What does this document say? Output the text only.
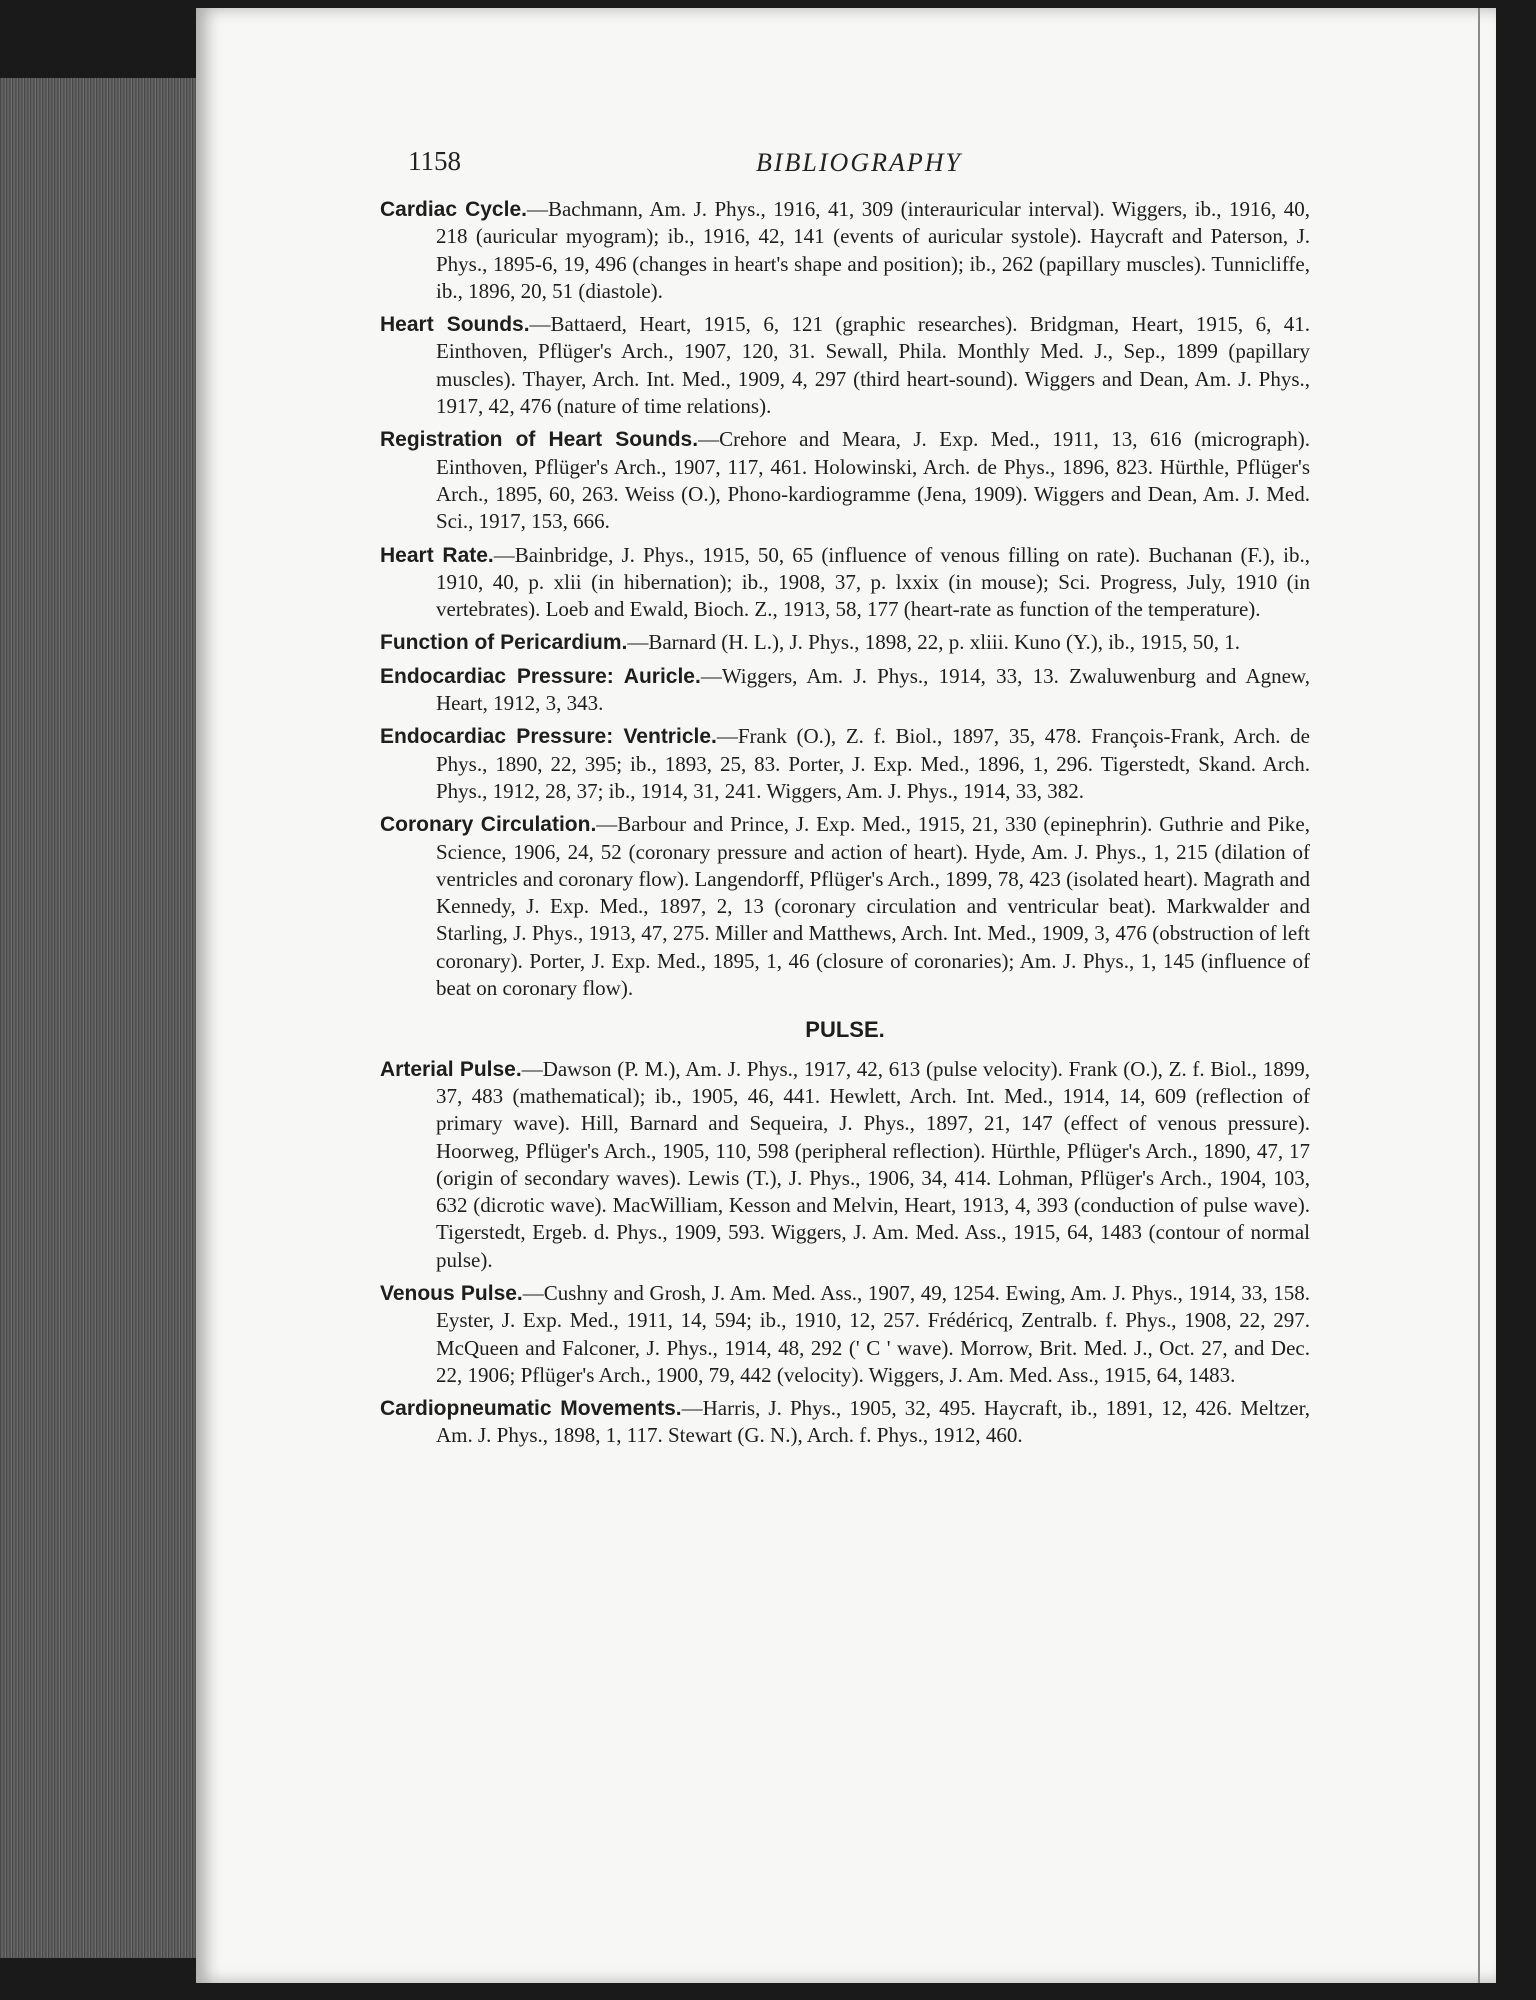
1158	BIBLIOGRAPHY

Cardiac Cycle.—Bachmann, Am. J. Phys., 1916, 41, 309 (interauricular interval). Wiggers, ib., 1916, 40, 218 (auricular myogram); ib., 1916, 42, 141 (events of auricular systole). Haycraft and Paterson, J. Phys., 1895-6, 19, 496 (changes in heart's shape and position); ib., 262 (papillary muscles). Tunnicliffe, ib., 1896, 20, 51 (diastole).

Heart Sounds.—Battaerd, Heart, 1915, 6, 121 (graphic researches). Bridgman, Heart, 1915, 6, 41. Einthoven, Pflüger's Arch., 1907, 120, 31. Sewall, Phila. Monthly Med. J., Sep., 1899 (papillary muscles). Thayer, Arch. Int. Med., 1909, 4, 297 (third heart-sound). Wiggers and Dean, Am. J. Phys., 1917, 42, 476 (nature of time relations).

Registration of Heart Sounds.—Crehore and Meara, J. Exp. Med., 1911, 13, 616 (micrograph). Einthoven, Pflüger's Arch., 1907, 117, 461. Holowinski, Arch. de Phys., 1896, 823. Hürthle, Pflüger's Arch., 1895, 60, 263. Weiss (O.), Phono-kardiogramme (Jena, 1909). Wiggers and Dean, Am. J. Med. Sci., 1917, 153, 666.

Heart Rate.—Bainbridge, J. Phys., 1915, 50, 65 (influence of venous filling on rate). Buchanan (F.), ib., 1910, 40, p. xlii (in hibernation); ib., 1908, 37, p. lxxix (in mouse); Sci. Progress, July, 1910 (in vertebrates). Loeb and Ewald, Bioch. Z., 1913, 58, 177 (heart-rate as function of the temperature).

Function of Pericardium.—Barnard (H. L.), J. Phys., 1898, 22, p. xliii. Kuno (Y.), ib., 1915, 50, 1.

Endocardiac Pressure: Auricle.—Wiggers, Am. J. Phys., 1914, 33, 13. Zwaluwenburg and Agnew, Heart, 1912, 3, 343.

Endocardiac Pressure: Ventricle.—Frank (O.), Z. f. Biol., 1897, 35, 478. François-Frank, Arch. de Phys., 1890, 22, 395; ib., 1893, 25, 83. Porter, J. Exp. Med., 1896, 1, 296. Tigerstedt, Skand. Arch. Phys., 1912, 28, 37; ib., 1914, 31, 241. Wiggers, Am. J. Phys., 1914, 33, 382.

Coronary Circulation.—Barbour and Prince, J. Exp. Med., 1915, 21, 330 (epinephrin). Guthrie and Pike, Science, 1906, 24, 52 (coronary pressure and action of heart). Hyde, Am. J. Phys., 1, 215 (dilation of ventricles and coronary flow). Langendorff, Pflüger's Arch., 1899, 78, 423 (isolated heart). Magrath and Kennedy, J. Exp. Med., 1897, 2, 13 (coronary circulation and ventricular beat). Markwalder and Starling, J. Phys., 1913, 47, 275. Miller and Matthews, Arch. Int. Med., 1909, 3, 476 (obstruction of left coronary). Porter, J. Exp. Med., 1895, 1, 46 (closure of coronaries); Am. J. Phys., 1, 145 (influence of beat on coronary flow).

PULSE.

Arterial Pulse.—Dawson (P. M.), Am. J. Phys., 1917, 42, 613 (pulse velocity). Frank (O.), Z. f. Biol., 1899, 37, 483 (mathematical); ib., 1905, 46, 441. Hewlett, Arch. Int. Med., 1914, 14, 609 (reflection of primary wave). Hill, Barnard and Sequeira, J. Phys., 1897, 21, 147 (effect of venous pressure). Hoorweg, Pflüger's Arch., 1905, 110, 598 (peripheral reflection). Hürthle, Pflüger's Arch., 1890, 47, 17 (origin of secondary waves). Lewis (T.), J. Phys., 1906, 34, 414. Lohman, Pflüger's Arch., 1904, 103, 632 (dicrotic wave). MacWilliam, Kesson and Melvin, Heart, 1913, 4, 393 (conduction of pulse wave). Tigerstedt, Ergeb. d. Phys., 1909, 593. Wiggers, J. Am. Med. Ass., 1915, 64, 1483 (contour of normal pulse).

Venous Pulse.—Cushny and Grosh, J. Am. Med. Ass., 1907, 49, 1254. Ewing, Am. J. Phys., 1914, 33, 158. Eyster, J. Exp. Med., 1911, 14, 594; ib., 1910, 12, 257. Frédéricq, Zentralb. f. Phys., 1908, 22, 297. McQueen and Falconer, J. Phys., 1914, 48, 292 (' C ' wave). Morrow, Brit. Med. J., Oct. 27, and Dec. 22, 1906; Pflüger's Arch., 1900, 79, 442 (velocity). Wiggers, J. Am. Med. Ass., 1915, 64, 1483.

Cardiopneumatic Movements.—Harris, J. Phys., 1905, 32, 495. Haycraft, ib., 1891, 12, 426. Meltzer, Am. J. Phys., 1898, 1, 117. Stewart (G. N.), Arch. f. Phys., 1912, 460.
